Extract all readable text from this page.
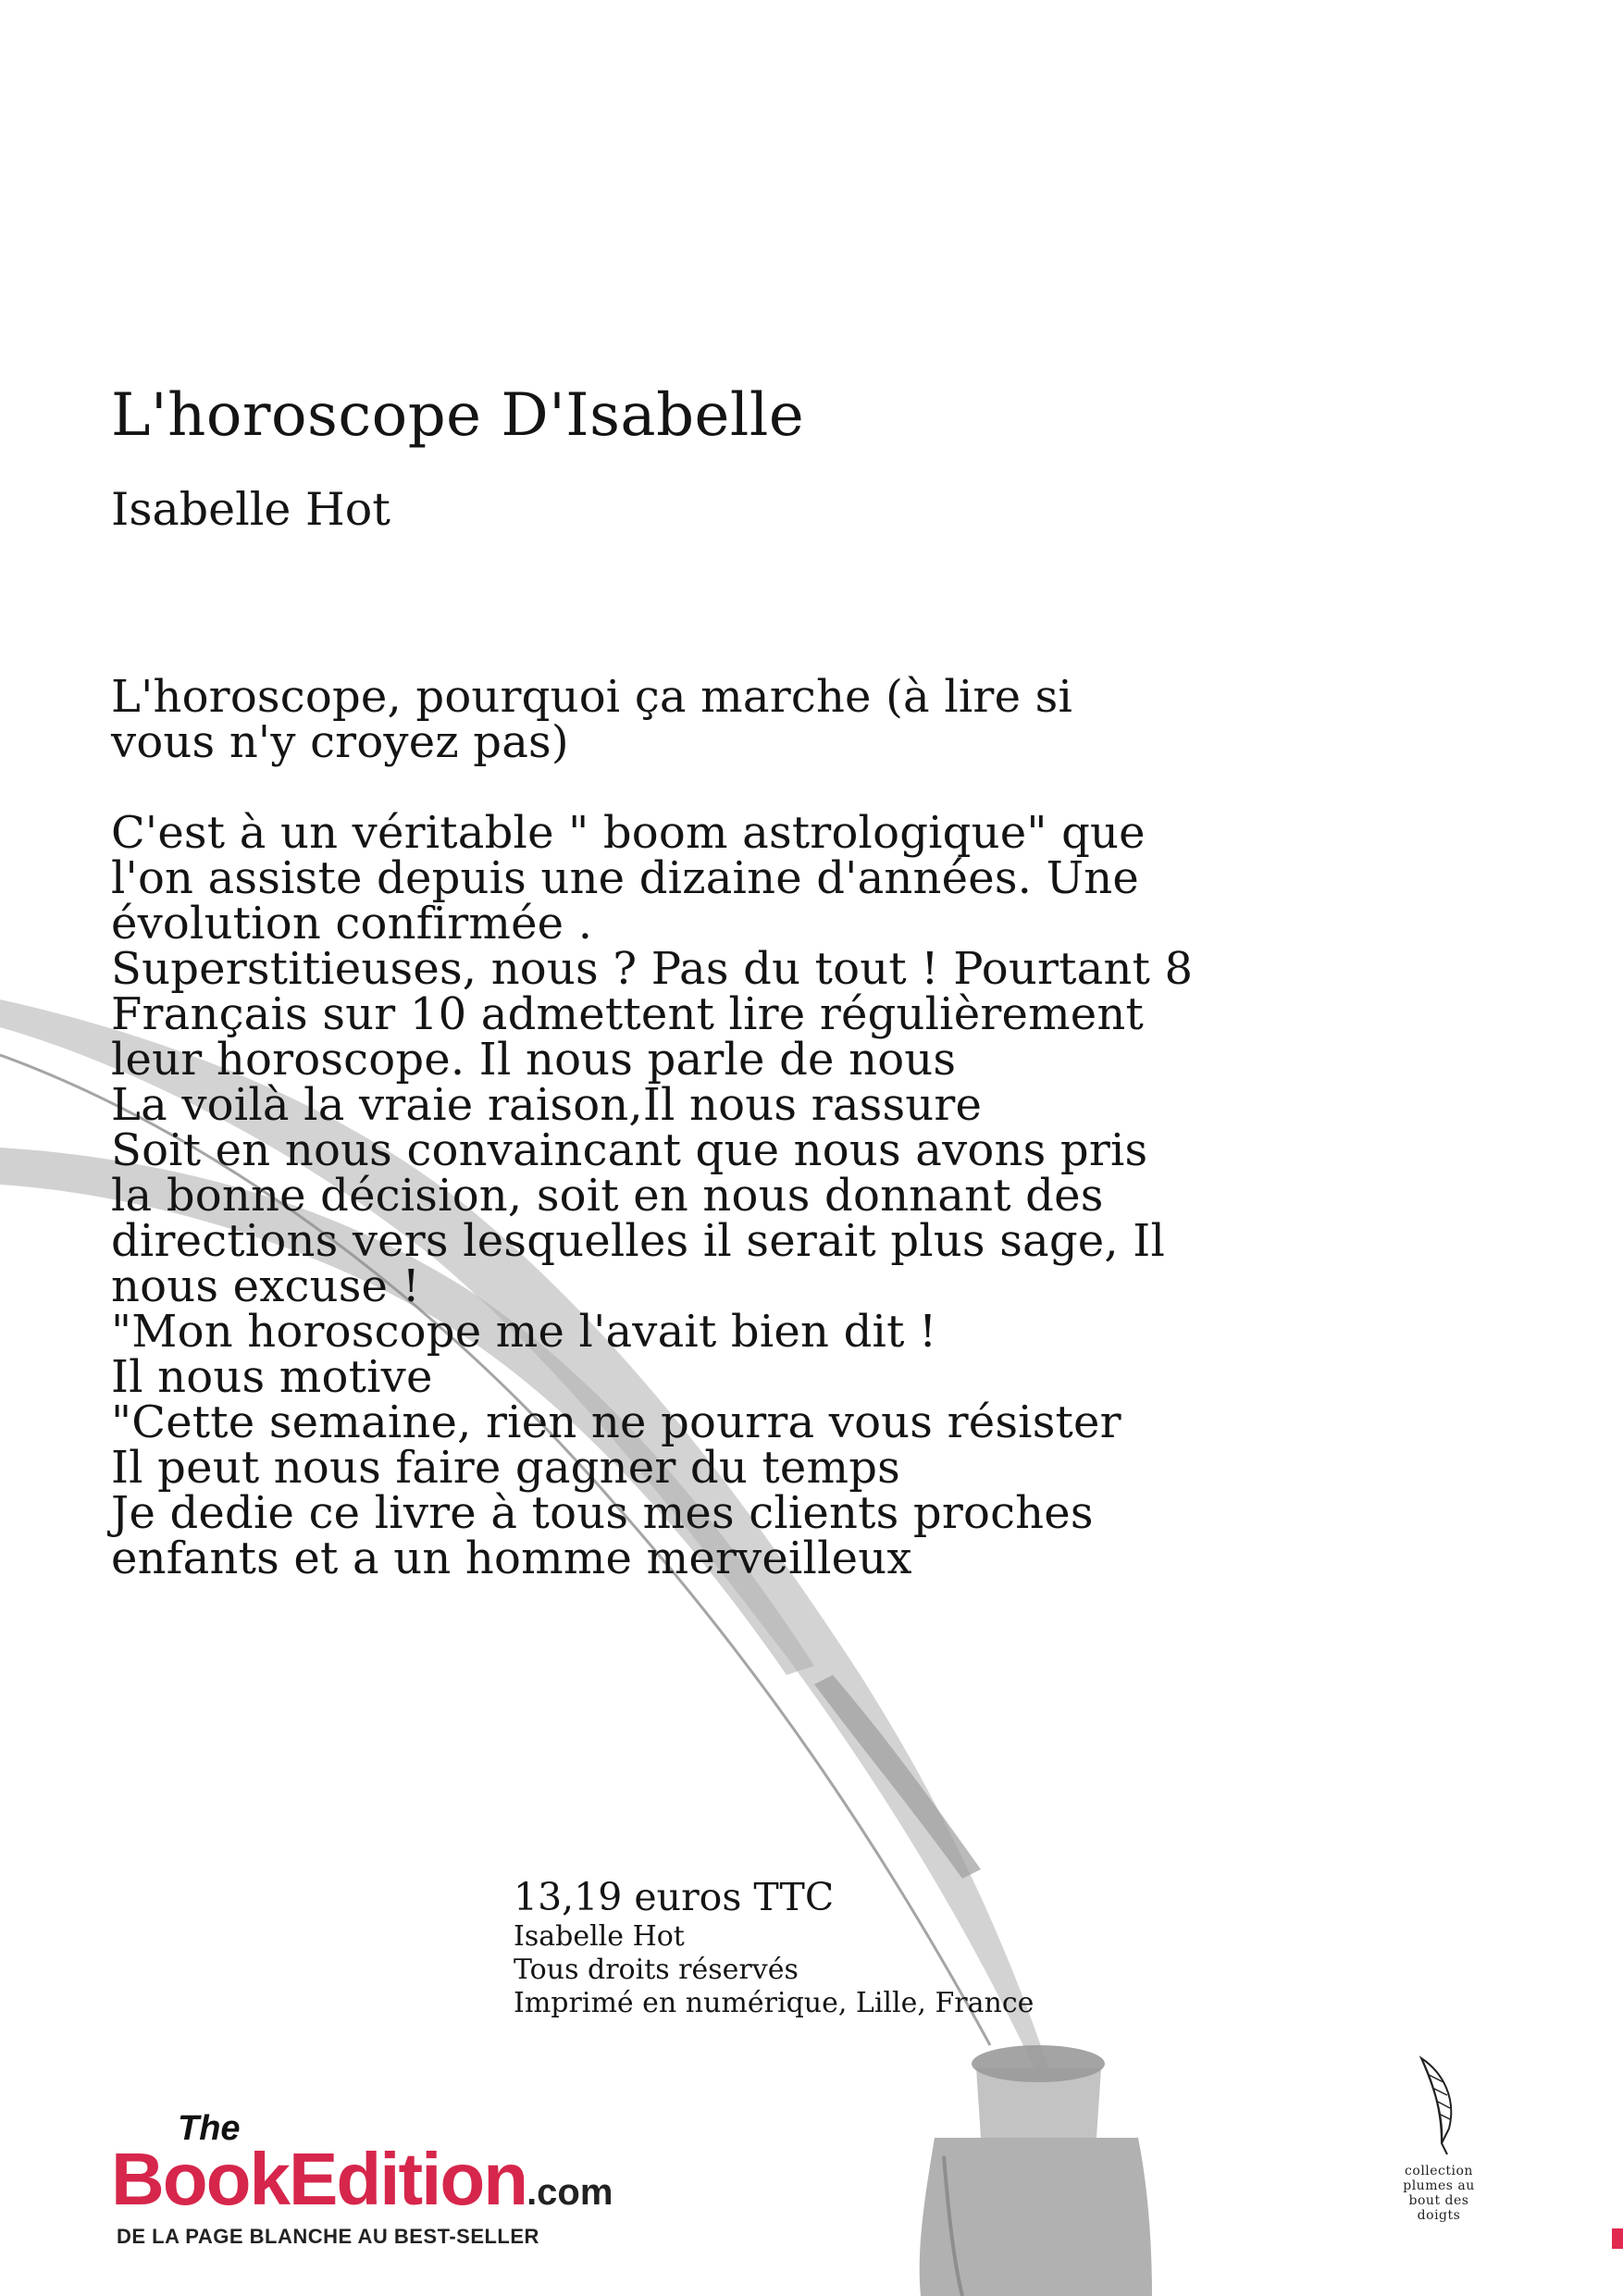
L'horoscope D'Isabelle
Isabelle Hot

L'horoscope, pourquoi ça marche (à lire si
vous n'y croyez pas)

C'est à un véritable " boom astrologique" que
l'on assiste depuis une dizaine d'années. Une
évolution confirmée .
Superstitieuses, nous ? Pas du tout ! Pourtant 8
Français sur 10 admettent lire régulièrement
leur horoscope. Il nous parle de nous
La voilà la vraie raison,Il nous rassure
Soit en nous convaincant que nous avons pris
la bonne décision, soit en nous donnant des
directions vers lesquelles il serait plus sage, Il
nous excuse !
"Mon horoscope me l'avait bien dit !
Il nous motive
"Cette semaine, rien ne pourra vous résister
Il peut nous faire gagner du temps
Je dedie ce livre à tous mes clients proches
enfants et a un homme merveilleux

13,19 euros TTC
Isabelle Hot
Tous droits réservés
Imprimé en numérique, Lille, France
The
BookEdition.com
DE LA PAGE BLANCHE AU BEST-SELLER
collection
plumes au
bout des
doigts
